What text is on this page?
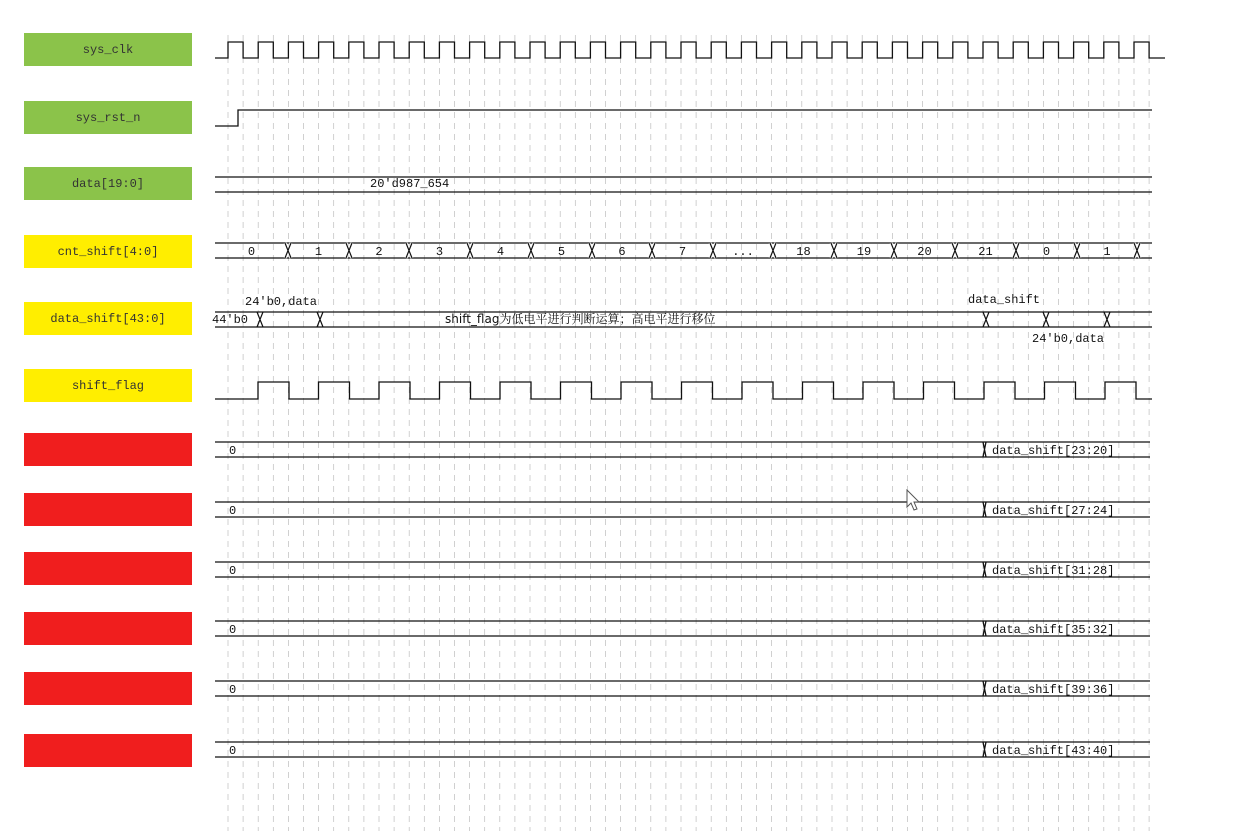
sys_clk
sys_rst_n
data[19:0]
cnt_shift[4:0]
data_shift[43:0]
shift_flag
20'd987_654
44'b0
24'b0,data
shift_flag为低电平进行判断运算；高电平进行移位
data_shift
24'b0,data
0	1	2	3	4	5	6	7	...	18	19	20	21	0	1
0	data_shift[23:20]
0	data_shift[27:24]
0	data_shift[31:28]
0	data_shift[35:32]
0	data_shift[39:36]
0	data_shift[43:40]
